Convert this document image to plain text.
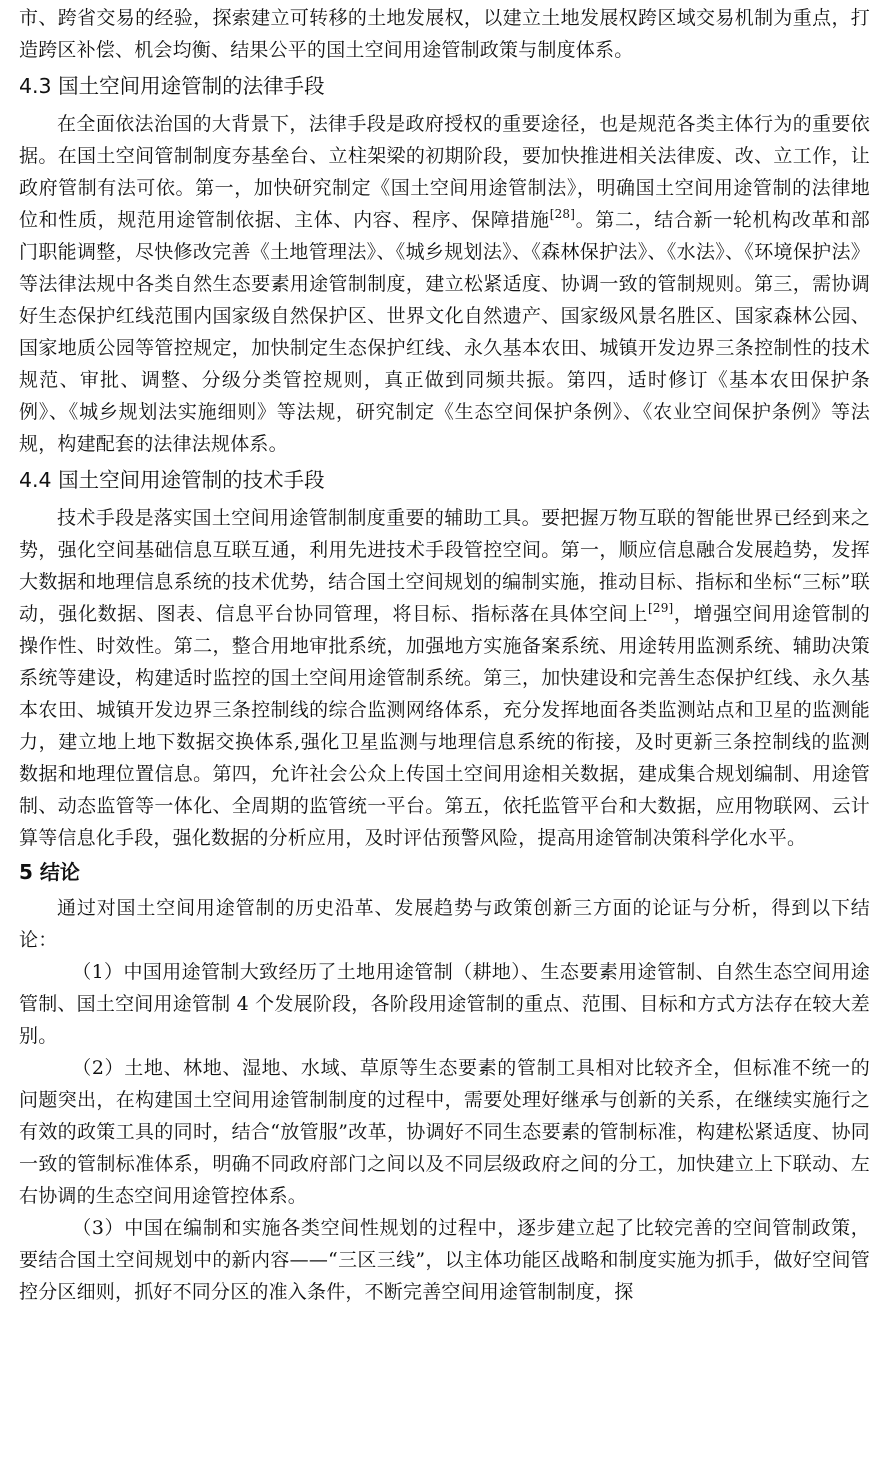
市、跨省交易的经验，探索建立可转移的土地发展权，以建立土地发展权跨区域交易机制为重点，打造跨区补偿、机会均衡、结果公平的国土空间用途管制政策与制度体系。

4.3 国土空间用途管制的法律手段

在全面依法治国的大背景下，法律手段是政府授权的重要途径，也是规范各类主体行为的重要依据。在国土空间管制制度夯基垒台、立柱架梁的初期阶段，要加快推进相关法律废、改、立工作，让政府管制有法可依。第一，加快研究制定《国土空间用途管制法》，明确国土空间用途管制的法律地位和性质，规范用途管制依据、主体、内容、程序、保障措施[28]。第二，结合新一轮机构改革和部门职能调整，尽快修改完善《土地管理法》、《城乡规划法》、《森林保护法》、《水法》、《环境保护法》等法律法规中各类自然生态要素用途管制制度，建立松紧适度、协调一致的管制规则。第三，需协调好生态保护红线范围内国家级自然保护区、世界文化自然遗产、国家级风景名胜区、国家森林公园、国家地质公园等管控规定，加快制定生态保护红线、永久基本农田、城镇开发边界三条控制性的技术规范、审批、调整、分级分类管控规则，真正做到同频共振。第四，适时修订《基本农田保护条例》、《城乡规划法实施细则》等法规，研究制定《生态空间保护条例》、《农业空间保护条例》等法规，构建配套的法律法规体系。

4.4 国土空间用途管制的技术手段

技术手段是落实国土空间用途管制制度重要的辅助工具。要把握万物互联的智能世界已经到来之势，强化空间基础信息互联互通，利用先进技术手段管控空间。第一，顺应信息融合发展趋势，发挥大数据和地理信息系统的技术优势，结合国土空间规划的编制实施，推动目标、指标和坐标“三标”联动，强化数据、图表、信息平台协同管理，将目标、指标落在具体空间上[29]，增强空间用途管制的操作性、时效性。第二，整合用地审批系统，加强地方实施备案系统、用途转用监测系统、辅助决策系统等建设，构建适时监控的国土空间用途管制系统。第三，加快建设和完善生态保护红线、永久基本农田、城镇开发边界三条控制线的综合监测网络体系，充分发挥地面各类监测站点和卫星的监测能力，建立地上地下数据交换体系,强化卫星监测与地理信息系统的衔接，及时更新三条控制线的监测数据和地理位置信息。第四，允许社会公众上传国土空间用途相关数据，建成集合规划编制、用途管制、动态监管等一体化、全周期的监管统一平台。第五，依托监管平台和大数据，应用物联网、云计算等信息化手段，强化数据的分析应用，及时评估预警风险，提高用途管制决策科学化水平。

5 结论

通过对国土空间用途管制的历史沿革、发展趋势与政策创新三方面的论证与分析，得到以下结论：

（1）中国用途管制大致经历了土地用途管制（耕地）、生态要素用途管制、自然生态空间用途管制、国土空间用途管制 4 个发展阶段，各阶段用途管制的重点、范围、目标和方式方法存在较大差别。

（2）土地、林地、湿地、水域、草原等生态要素的管制工具相对比较齐全，但标准不统一的问题突出，在构建国土空间用途管制制度的过程中，需要处理好继承与创新的关系，在继续实施行之有效的政策工具的同时，结合“放管服”改革，协调好不同生态要素的管制标准，构建松紧适度、协同一致的管制标准体系，明确不同政府部门之间以及不同层级政府之间的分工，加快建立上下联动、左右协调的生态空间用途管控体系。

（3）中国在编制和实施各类空间性规划的过程中，逐步建立起了比较完善的空间管制政策，要结合国土空间规划中的新内容——“三区三线”，以主体功能区战略和制度实施为抓手，做好空间管控分区细则，抓好不同分区的准入条件，不断完善空间用途管制制度，探
